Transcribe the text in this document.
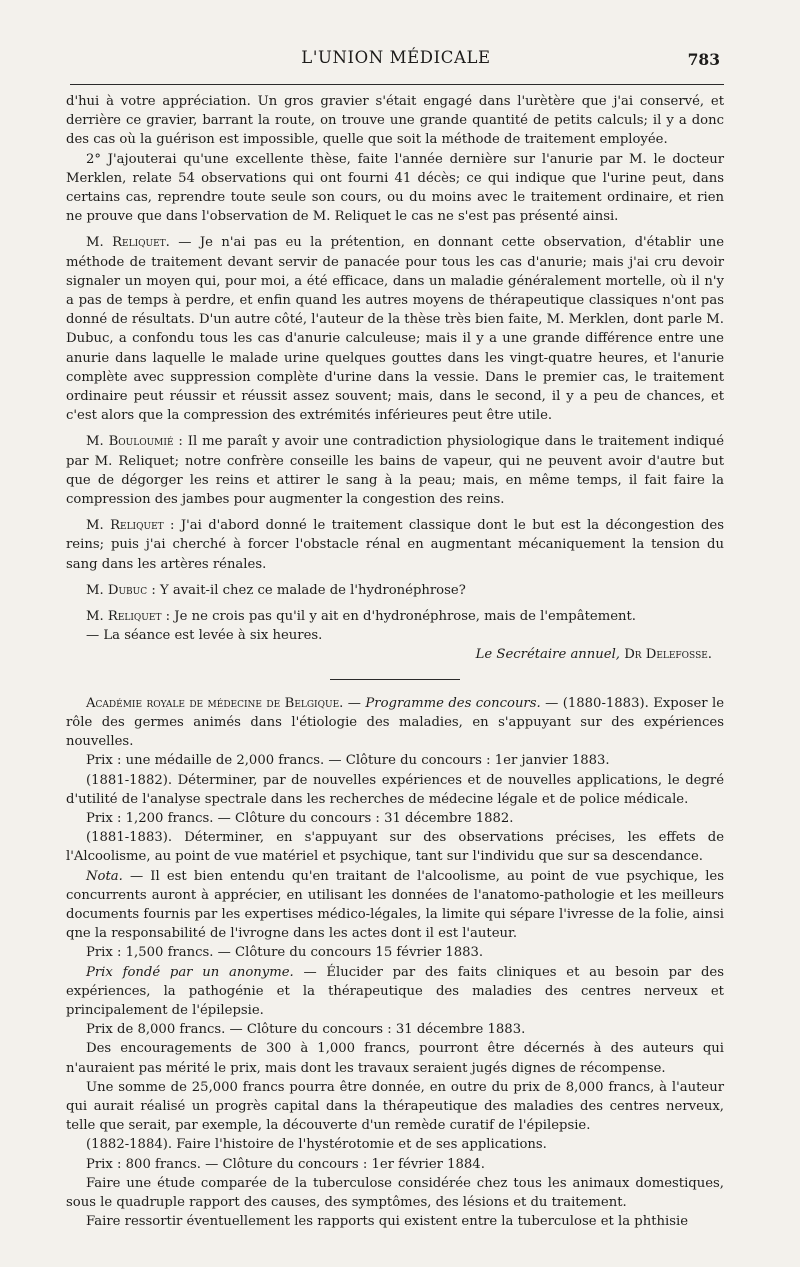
L'UNION MÉDICALE	783

d'hui à votre appréciation. Un gros gravier s'était engagé dans l'urètère que j'ai conservé, et derrière ce gravier, barrant la route, on trouve une grande quantité de petits calculs; il y a donc des cas où la guérison est impossible, quelle que soit la méthode de traitement employée.

2° J'ajouterai qu'une excellente thèse, faite l'année dernière sur l'anurie par M. le docteur Merklen, relate 54 observations qui ont fourni 41 décès; ce qui indique que l'urine peut, dans certains cas, reprendre toute seule son cours, ou du moins avec le traitement ordinaire, et rien ne prouve que dans l'observation de M. Reliquet le cas ne s'est pas présenté ainsi.

M. Reliquet. — Je n'ai pas eu la prétention, en donnant cette observation, d'établir une méthode de traitement devant servir de panacée pour tous les cas d'anurie; mais j'ai cru devoir signaler un moyen qui, pour moi, a été efficace, dans un maladie généralement mortelle, où il n'y a pas de temps à perdre, et enfin quand les autres moyens de thérapeutique classiques n'ont pas donné de résultats. D'un autre côté, l'auteur de la thèse très bien faite, M. Merklen, dont parle M. Dubuc, a confondu tous les cas d'anurie calculeuse; mais il y a une grande différence entre une anurie dans laquelle le malade urine quelques gouttes dans les vingt-quatre heures, et l'anurie complète avec suppression complète d'urine dans la vessie. Dans le premier cas, le traitement ordinaire peut réussir et réussit assez souvent; mais, dans le second, il y a peu de chances, et c'est alors que la compression des extrémités inférieures peut être utile.

M. Bouloumié : Il me paraît y avoir une contradiction physiologique dans le traitement indiqué par M. Reliquet; notre confrère conseille les bains de vapeur, qui ne peuvent avoir d'autre but que de dégorger les reins et attirer le sang à la peau; mais, en même temps, il fait faire la compression des jambes pour augmenter la congestion des reins.

M. Reliquet : J'ai d'abord donné le traitement classique dont le but est la décongestion des reins; puis j'ai cherché à forcer l'obstacle rénal en augmentant mécaniquement la tension du sang dans les artères rénales.

M. Dubuc : Y avait-il chez ce malade de l'hydronéphrose?

M. Reliquet : Je ne crois pas qu'il y ait en d'hydronéphrose, mais de l'empâtement.

— La séance est levée à six heures.

Le Secrétaire annuel, Dr Delefosse.

Académie royale de médecine de Belgique. — Programme des concours. — (1880-1883). Exposer le rôle des germes animés dans l'étiologie des maladies, en s'appuyant sur des expériences nouvelles.

Prix : une médaille de 2,000 francs. — Clôture du concours : 1er janvier 1883.

(1881-1882). Déterminer, par de nouvelles expériences et de nouvelles applications, le degré d'utilité de l'analyse spectrale dans les recherches de médecine légale et de police médicale.

Prix : 1,200 francs. — Clôture du concours : 31 décembre 1882.

(1881-1883). Déterminer, en s'appuyant sur des observations précises, les effets de l'Alcoolisme, au point de vue matériel et psychique, tant sur l'individu que sur sa descendance.

Nota. — Il est bien entendu qu'en traitant de l'alcoolisme, au point de vue psychique, les concurrents auront à apprécier, en utilisant les données de l'anatomo-pathologie et les meilleurs documents fournis par les expertises médico-légales, la limite qui sépare l'ivresse de la folie, ainsi qne la responsabilité de l'ivrogne dans les actes dont il est l'auteur.

Prix : 1,500 francs. — Clôture du concours 15 février 1883.

Prix fondé par un anonyme. — Élucider par des faits cliniques et au besoin par des expériences, la pathogénie et la thérapeutique des maladies des centres nerveux et principalement de l'épilepsie.

Prix de 8,000 francs. — Clôture du concours : 31 décembre 1883.

Des encouragements de 300 à 1,000 francs, pourront être décernés à des auteurs qui n'auraient pas mérité le prix, mais dont les travaux seraient jugés dignes de récompense.

Une somme de 25,000 francs pourra être donnée, en outre du prix de 8,000 francs, à l'auteur qui aurait réalisé un progrès capital dans la thérapeutique des maladies des centres nerveux, telle que serait, par exemple, la découverte d'un remède curatif de l'épilepsie.

(1882-1884). Faire l'histoire de l'hystérotomie et de ses applications.

Prix : 800 francs. — Clôture du concours : 1er février 1884.

Faire une étude comparée de la tuberculose considérée chez tous les animaux domestiques, sous le quadruple rapport des causes, des symptômes, des lésions et du traitement.

Faire ressortir éventuellement les rapports qui existent entre la tuberculose et la phthisie
